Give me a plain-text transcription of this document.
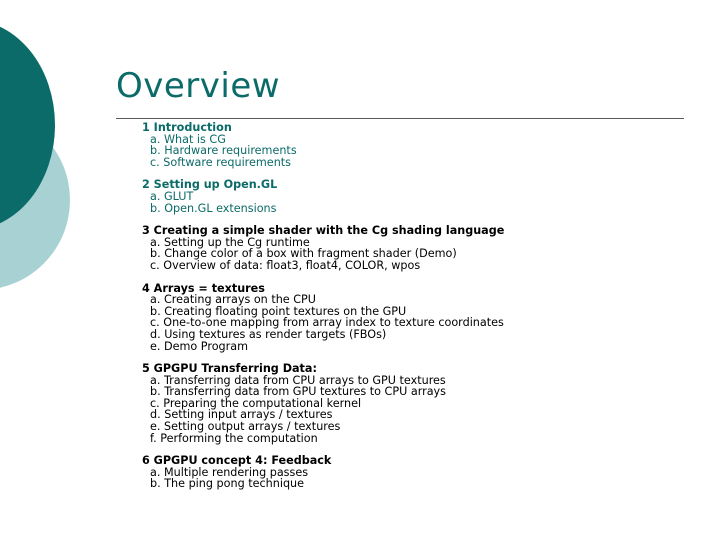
Overview
1 Introduction
a. What is CG
b. Hardware requirements
c. Software requirements
2 Setting up Open.GL
a. GLUT
b. Open.GL extensions
3 Creating a simple shader with the Cg shading language
a. Setting up the Cg runtime
b. Change color of a box with fragment shader (Demo)
c. Overview of data: float3, float4, COLOR, wpos
4 Arrays = textures
a. Creating arrays on the CPU
b. Creating floating point textures on the GPU
c. One-to-one mapping from array index to texture coordinates
d. Using textures as render targets (FBOs)
e. Demo Program
5 GPGPU Transferring Data:
a. Transferring data from CPU arrays to GPU textures
b. Transferring data from GPU textures to CPU arrays
c. Preparing the computational kernel
d. Setting input arrays / textures
e. Setting output arrays / textures
f. Performing the computation
6 GPGPU concept 4: Feedback
a. Multiple rendering passes
b. The ping pong technique
